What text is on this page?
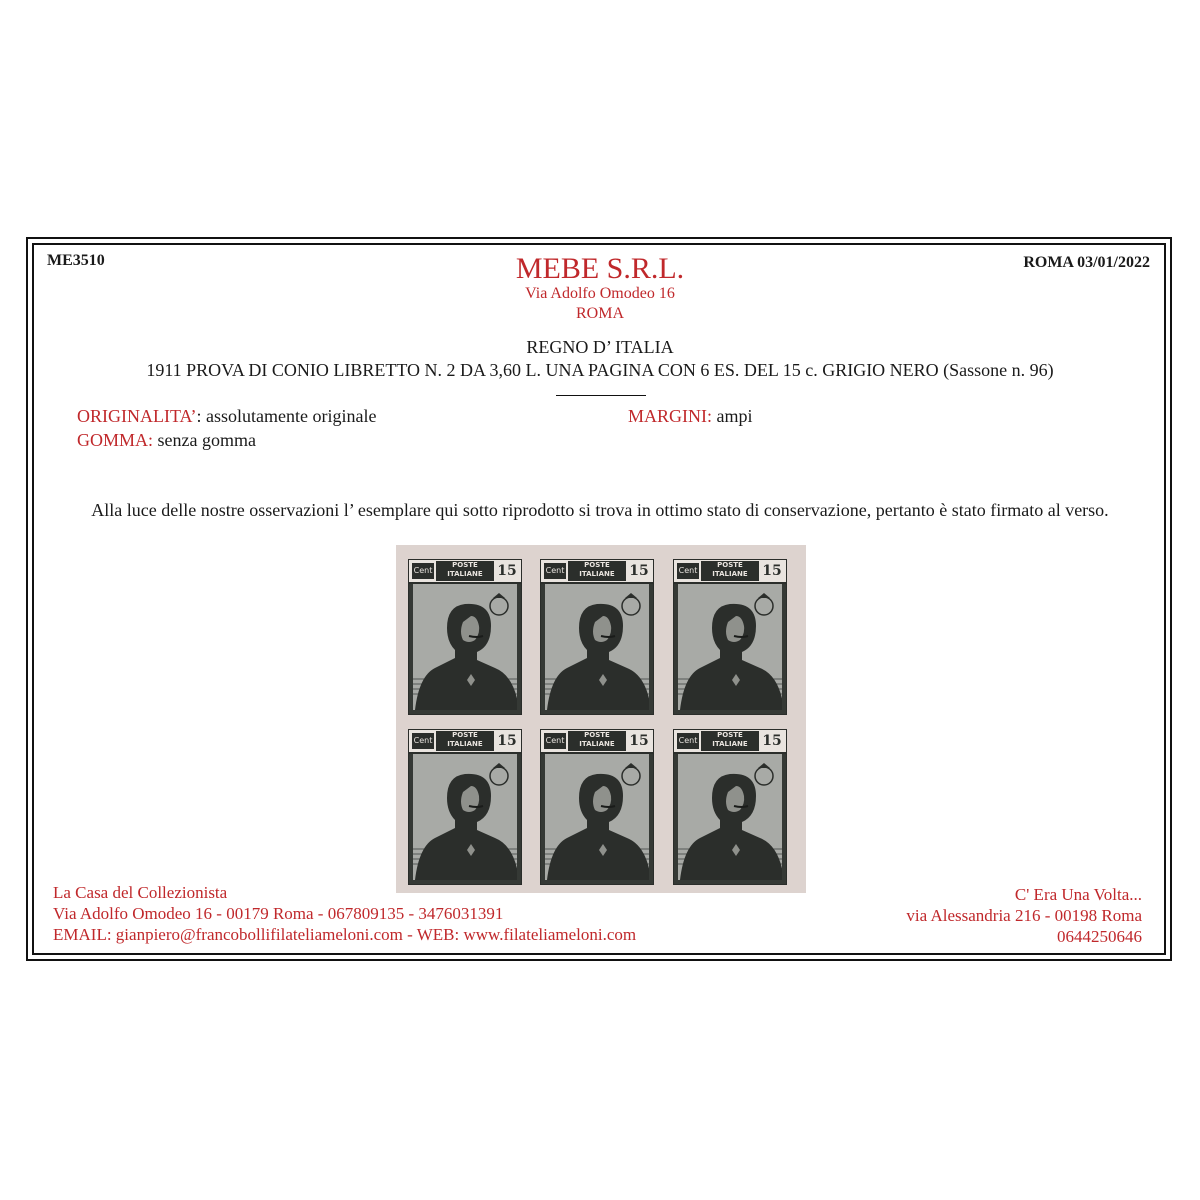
ME3510	ROMA 03/01/2022
MEBE S.R.L.
Via Adolfo Omodeo 16
ROMA
REGNO D’ ITALIA
1911 PROVA DI CONIO LIBRETTO N. 2 DA 3,60 L. UNA PAGINA CON 6 ES. DEL 15 c. GRIGIO NERO (Sassone n. 96)
ORIGINALITA’: assolutamente originale	MARGINI: ampi
GOMMA: senza gomma
Alla luce delle nostre osservazioni l’ esemplare qui sotto riprodotto si trova in ottimo stato di conservazione, pertanto è stato firmato al verso.
Cent
POSTE
ITALIANE	15	Cent
POSTE
ITALIANE	15	Cent
POSTE
ITALIANE	15
Cent
POSTE
ITALIANE	15	Cent
POSTE
ITALIANE	15	Cent
POSTE
ITALIANE	15
La Casa del Collezionista
Via Adolfo Omodeo 16 - 00179 Roma - 067809135 - 3476031391
EMAIL: gianpiero@francobollifilateliameloni.com - WEB: www.filateliameloni.com
C' Era Una Volta...
via Alessandria 216 - 00198 Roma
0644250646
